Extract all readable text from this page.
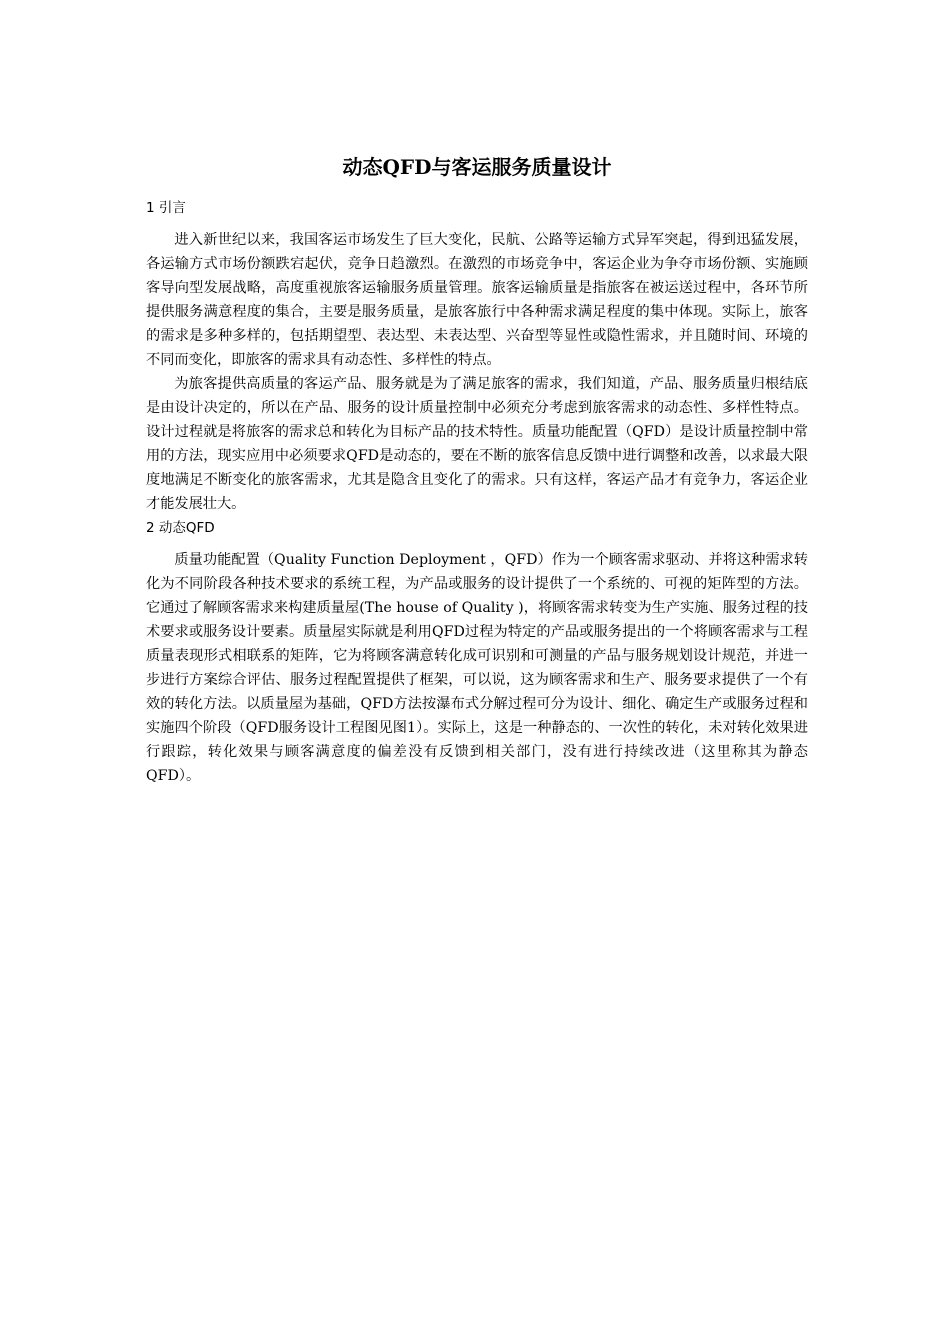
动态QFD与客运服务质量设计
1 引言

进入新世纪以来，我国客运市场发生了巨大变化，民航、公路等运输方式异军突起，得到迅猛发展，各运输方式市场份额跌宕起伏，竞争日趋激烈。在激烈的市场竞争中，客运企业为争夺市场份额、实施顾客导向型发展战略，高度重视旅客运输服务质量管理。旅客运输质量是指旅客在被运送过程中，各环节所提供服务满意程度的集合，主要是服务质量，是旅客旅行中各种需求满足程度的集中体现。实际上，旅客的需求是多种多样的，包括期望型、表达型、未表达型、兴奋型等显性或隐性需求，并且随时间、环境的不同而变化，即旅客的需求具有动态性、多样性的特点。

为旅客提供高质量的客运产品、服务就是为了满足旅客的需求，我们知道，产品、服务质量归根结底是由设计决定的，所以在产品、服务的设计质量控制中必须充分考虑到旅客需求的动态性、多样性特点。设计过程就是将旅客的需求总和转化为目标产品的技术特性。质量功能配置（QFD）是设计质量控制中常用的方法，现实应用中必须要求QFD是动态的，要在不断的旅客信息反馈中进行调整和改善，以求最大限度地满足不断变化的旅客需求，尤其是隐含且变化了的需求。只有这样，客运产品才有竞争力，客运企业才能发展壮大。

2 动态QFD

质量功能配置（Quality Function Deployment ，QFD）作为一个顾客需求驱动、并将这种需求转化为不同阶段各种技术要求的系统工程，为产品或服务的设计提供了一个系统的、可视的矩阵型的方法。它通过了解顾客需求来构建质量屋(The house of Quality )，将顾客需求转变为生产实施、服务过程的技术要求或服务设计要素。质量屋实际就是利用QFD过程为特定的产品或服务提出的一个将顾客需求与工程质量表现形式相联系的矩阵，它为将顾客满意转化成可识别和可测量的产品与服务规划设计规范，并进一步进行方案综合评估、服务过程配置提供了框架，可以说，这为顾客需求和生产、服务要求提供了一个有效的转化方法。以质量屋为基础，QFD方法按瀑布式分解过程可分为设计、细化、确定生产或服务过程和实施四个阶段（QFD服务设计工程图见图1）。实际上，这是一种静态的、一次性的转化，未对转化效果进行跟踪，转化效果与顾客满意度的偏差没有反馈到相关部门，没有进行持续改进（这里称其为静态 QFD）。
